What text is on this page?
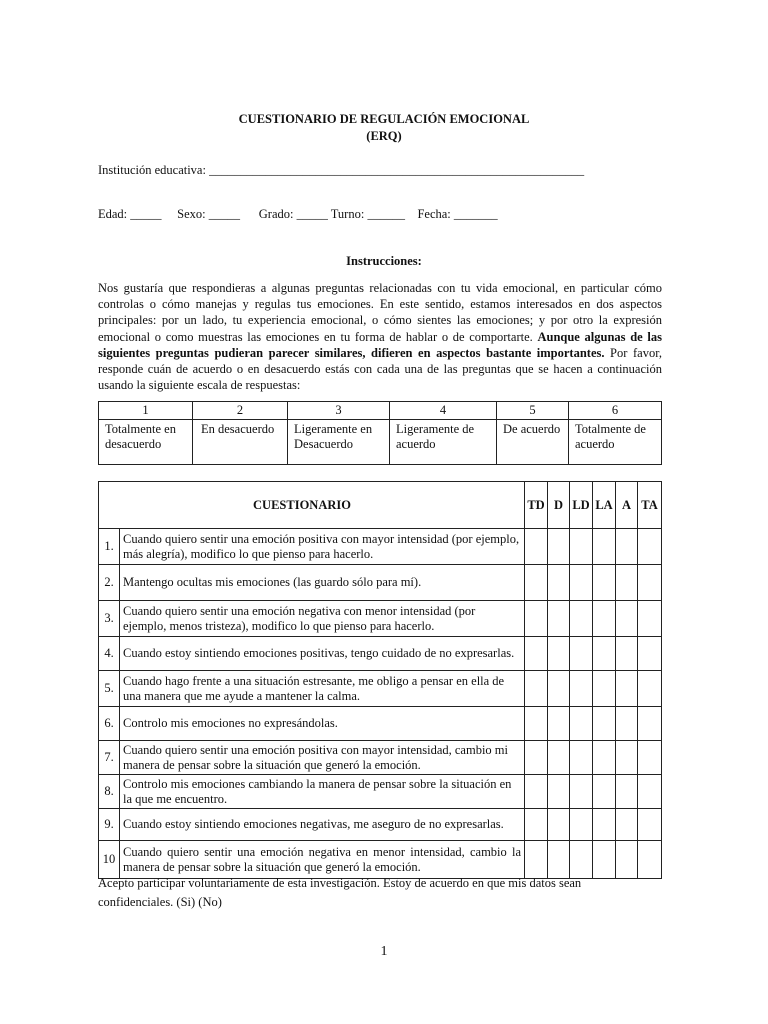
CUESTIONARIO DE REGULACIÓN EMOCIONAL
(ERQ)
Institución educativa: ____________________________________________________________
Edad: _____     Sexo: _____      Grado: _____ Turno: ______    Fecha: _______
Instrucciones:
Nos gustaría que respondieras a algunas preguntas relacionadas con tu vida emocional, en particular cómo controlas o cómo manejas y regulas tus emociones. En este sentido, estamos interesados en dos aspectos principales: por un lado, tu experiencia emocional, o cómo sientes las emociones; y por otro la expresión emocional o como muestras las emociones en tu forma de hablar o de comportarte. Aunque algunas de las siguientes preguntas pudieran parecer similares, difieren en aspectos bastante importantes. Por favor, responde cuán de acuerdo o en desacuerdo estás con cada una de las preguntas que se hacen a continuación usando la siguiente escala de respuestas:
1	2	3	4	5	6
Totalmente en desacuerdo	En desacuerdo	Ligeramente en Desacuerdo	Ligeramente de acuerdo	De acuerdo	Totalmente de acuerdo
CUESTIONARIO		TD	D	LD	LA	A	TA
1.	Cuando quiero sentir una emoción positiva con mayor intensidad (por ejemplo, más alegría), modifico lo que pienso para hacerlo.						
2.	Mantengo ocultas mis emociones (las guardo sólo para mí).						
3.	Cuando quiero sentir una emoción negativa con menor intensidad (por ejemplo, menos tristeza), modifico lo que pienso para hacerlo.						
4.	Cuando estoy sintiendo emociones positivas, tengo cuidado de no expresarlas.						
5.	Cuando hago frente a una situación estresante, me obligo a pensar en ella de una manera que me ayude a mantener la calma.						
6.	Controlo mis emociones no expresándolas.						
7.	Cuando quiero sentir una emoción positiva con mayor intensidad, cambio mi manera de pensar sobre la situación que generó la emoción.						
8.	Controlo mis emociones cambiando la manera de pensar sobre la situación en la que me encuentro.						
9.	Cuando estoy sintiendo emociones negativas, me aseguro de no expresarlas.						
10	Cuando quiero sentir una emoción negativa en menor intensidad, cambio la manera de pensar sobre la situación que generó la emoción.						
Acepto participar voluntariamente de esta investigación. Estoy de acuerdo en que mis datos sean confidenciales. (Si) (No)
1
